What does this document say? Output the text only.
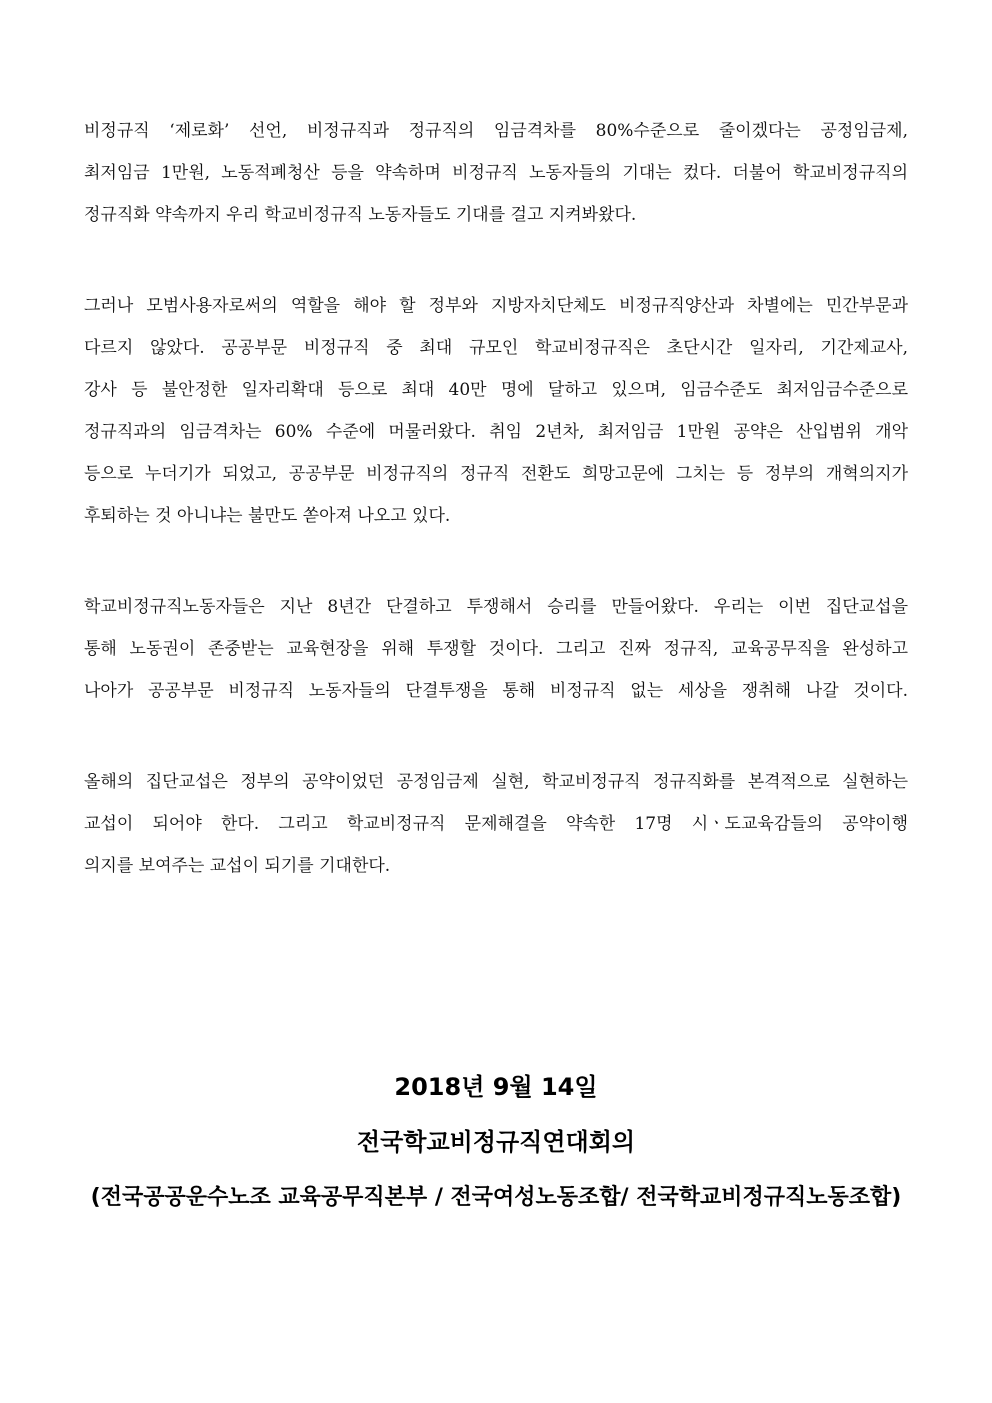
비정규직 ‘제로화’ 선언, 비정규직과 정규직의 임금격차를 80%수준으로 줄이겠다는 공정임금제,
최저임금 1만원, 노동적폐청산 등을 약속하며 비정규직 노동자들의 기대는 컸다. 더불어 학교비정규직의
정규직화 약속까지 우리 학교비정규직 노동자들도 기대를 걸고 지켜봐왔다.

그러나 모범사용자로써의 역할을 해야 할 정부와 지방자치단체도 비정규직양산과 차별에는 민간부문과
다르지 않았다. 공공부문 비정규직 중 최대 규모인 학교비정규직은 초단시간 일자리, 기간제교사,
강사 등 불안정한 일자리확대 등으로 최대 40만 명에 달하고 있으며, 임금수준도 최저임금수준으로
정규직과의 임금격차는 60% 수준에 머물러왔다. 취임 2년차, 최저임금 1만원 공약은 산입범위 개악
등으로 누더기가 되었고, 공공부문 비정규직의 정규직 전환도 희망고문에 그치는 등 정부의 개혁의지가
후퇴하는 것 아니냐는 불만도 쏟아져 나오고 있다.

학교비정규직노동자들은 지난 8년간 단결하고 투쟁해서 승리를 만들어왔다. 우리는 이번 집단교섭을
통해 노동권이 존중받는 교육현장을 위해 투쟁할 것이다. 그리고 진짜 정규직, 교육공무직을 완성하고
나아가 공공부문 비정규직 노동자들의 단결투쟁을 통해 비정규직 없는 세상을 쟁취해 나갈 것이다.

올해의 집단교섭은 정부의 공약이었던 공정임금제 실현, 학교비정규직 정규직화를 본격적으로 실현하는
교섭이 되어야 한다. 그리고 학교비정규직 문제해결을 약속한 17명 시ㆍ도교육감들의 공약이행
의지를 보여주는 교섭이 되기를 기대한다.

2018년 9월 14일
전국학교비정규직연대회의
(전국공공운수노조 교육공무직본부 / 전국여성노동조합/ 전국학교비정규직노동조합)
